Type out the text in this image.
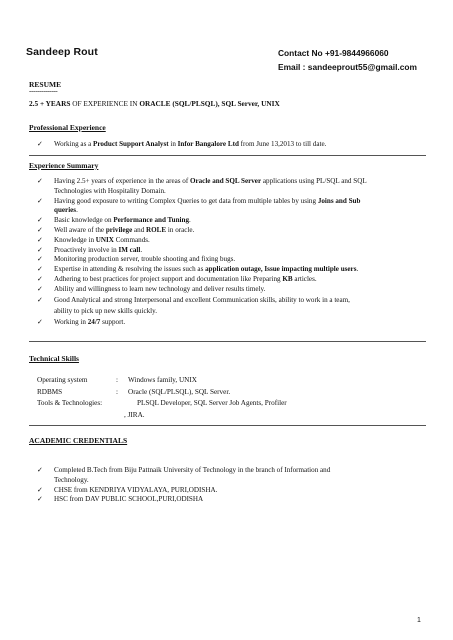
Sandeep Rout	Contact No +91-9844966060
Email : sandeeprout55@gmail.com
RESUME
--------------
2.5 + YEARS OF EXPERIENCE IN ORACLE (SQL/PLSQL), SQL Server, UNIX
Professional Experience
✓ Working as a Product Support Analyst in Infor Bangalore Ltd from June 13,2013 to till date.
Experience Summary
✓ Having 2.5+ years of experience in the areas of Oracle and SQL Server applications using PL/SQL and SQL
Technologies with Hospitality Domain.
✓ Having good exposure to writing Complex Queries to get data from multiple tables by using Joins and Sub
queries.
✓ Basic knowledge on Performance and Tuning.
✓ Well aware of the privilege and ROLE in oracle.
✓ Knowledge in UNIX Commands.
✓ Proactively involve in IM call.
✓ Monitoring production server, trouble shooting and fixing bugs.
✓ Expertise in attending & resolving the issues such as application outage, Issue impacting multiple users.
✓ Adhering to best practices for project support and documentation like Preparing KB articles.
✓ Ability and willingness to learn new technology and deliver results timely.
✓ Good Analytical and strong Interpersonal and excellent Communication skills, ability to work in a team,
ability to pick up new skills quickly.
✓ Working in 24/7 support.
Technical Skills
Operating system	: Windows family, UNIX
RDBMS	: Oracle (SQL/PLSQL), SQL Server.
Tools & Technologies:	PLSQL Developer, SQL Server Job Agents, Profiler
, JIRA.
ACADEMIC CREDENTIALS
✓ Completed B.Tech from Biju Pattnaik University of Technology in the branch of Information and
Technology.
✓ CHSE from KENDRIYA VIDYALAYA, PURI,ODISHA.
✓ HSC from DAV PUBLIC SCHOOL,PURI,ODISHA
1
